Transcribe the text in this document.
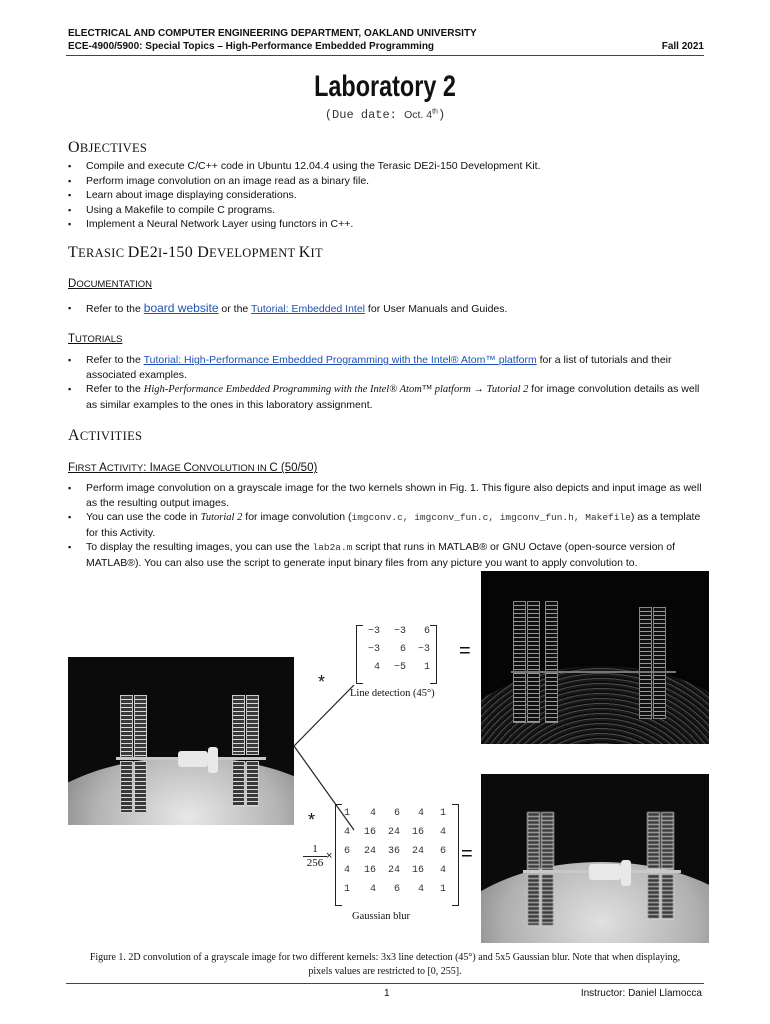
ELECTRICAL AND COMPUTER ENGINEERING DEPARTMENT, OAKLAND UNIVERSITY
ECE-4900/5900: Special Topics – High-Performance Embedded Programming	Fall 2021
Laboratory 2
(Due date: Oct. 4th)
OBJECTIVES
▪ Compile and execute C/C++ code in Ubuntu 12.04.4 using the Terasic DE2i-150 Development Kit.
▪ Perform image convolution on an image read as a binary file.
▪ Learn about image displaying considerations.
▪ Using a Makefile to compile C programs.
▪ Implement a Neural Network Layer using functors in C++.
TERASIC DE2I-150 DEVELOPMENT KIT
DOCUMENTATION
▪ Refer to the board website or the Tutorial: Embedded Intel for User Manuals and Guides.
TUTORIALS
▪ Refer to the Tutorial: High-Performance Embedded Programming with the Intel® Atom™ platform for a list of tutorials and their associated examples.
▪ Refer to the High-Performance Embedded Programming with the Intel® Atom™ platform → Tutorial 2 for image convolution details as well as similar examples to the ones in this laboratory assignment.
ACTIVITIES
FIRST ACTIVITY: IMAGE CONVOLUTION IN C (50/50)
▪ Perform image convolution on a grayscale image for the two kernels shown in Fig. 1. This figure also depicts and input image as well as the resulting output images.
▪ You can use the code in Tutorial 2 for image convolution (imgconv.c, imgconv_fun.c, imgconv_fun.h, Makefile) as a template for this Activity.
▪ To display the resulting images, you can use the lab2a.m script that runs in MATLAB® or GNU Octave (open-source version of MATLAB®). You can also use the script to generate input binary files from any picture you want to apply convolution to.
*
−3	−3	6
−3	6	−3
4	−5	1
=
Line detection (45°)
*
$\frac{1}{256}$ ×
1	4	6	4	1
4	16	24	16	4
6	24	36	24	6
4	16	24	16	4
1	4	6	4	1
=
Gaussian blur
Figure 1. 2D convolution of a grayscale image for two different kernels: 3x3 line detection (45°) and 5x5 Gaussian blur. Note that when displaying, pixels values are restricted to [0, 255].
1	Instructor: Daniel Llamocca
